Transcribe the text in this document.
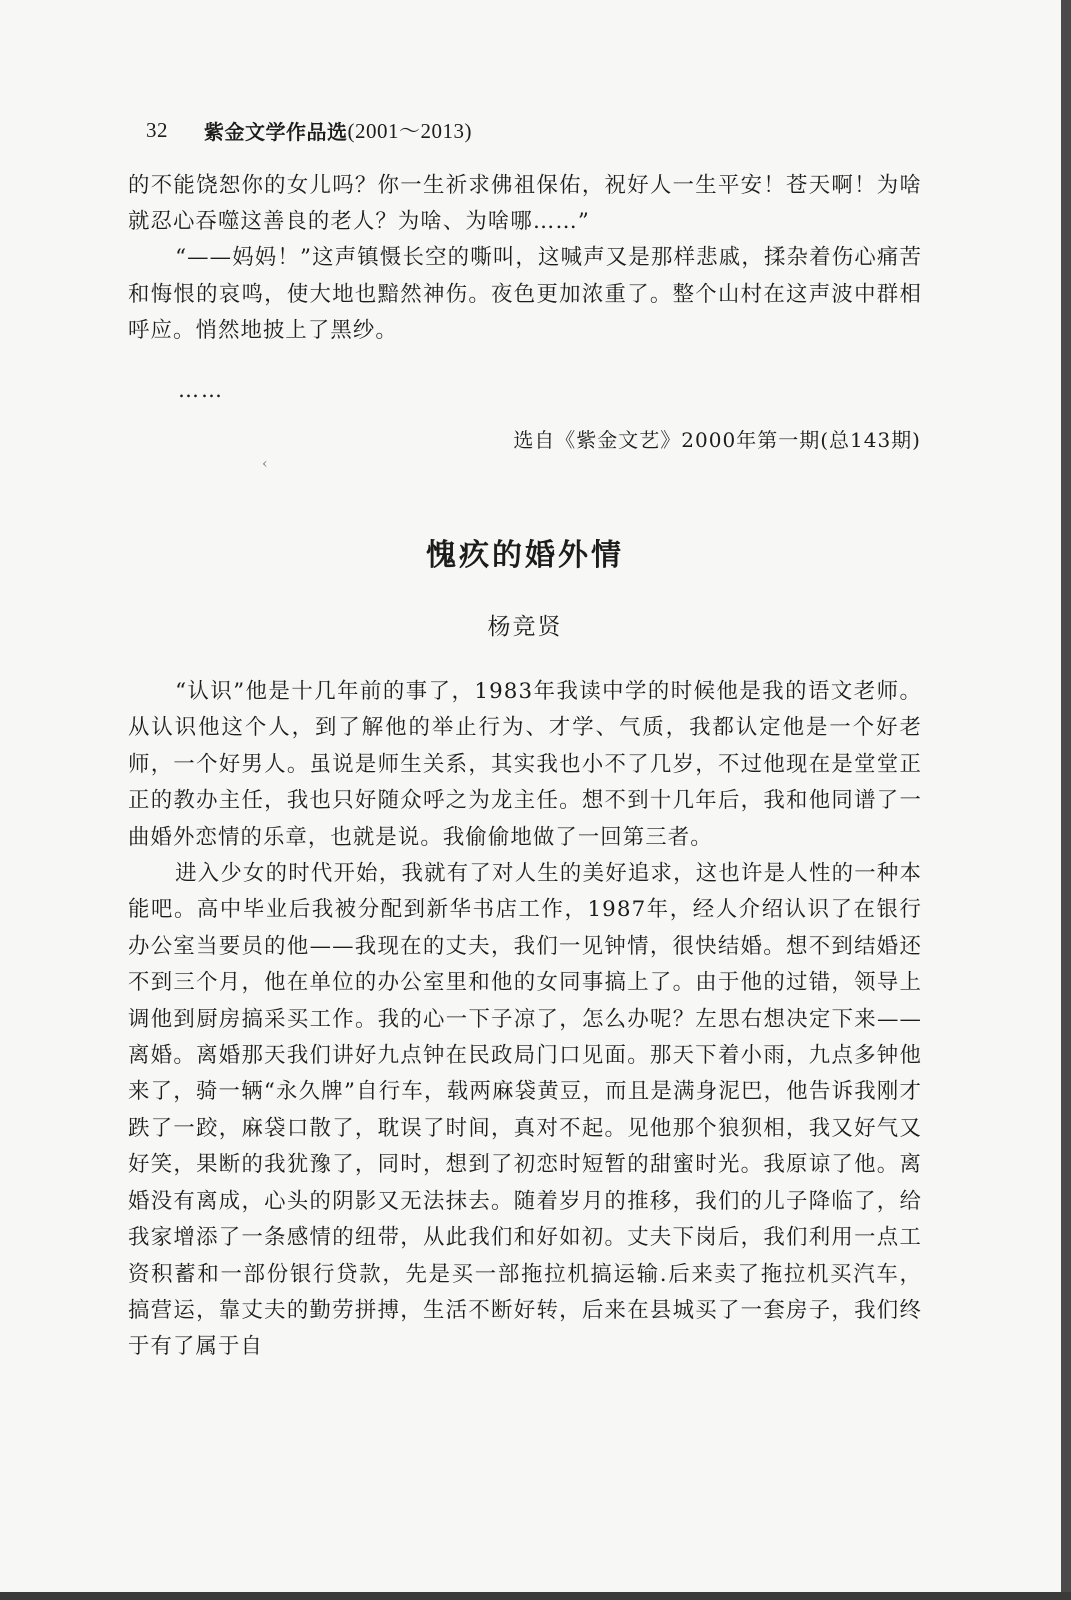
32 紫金文学作品选 (2001～2013)

的不能饶恕你的女儿吗？你一生祈求佛祖保佑，祝好人一生平安！苍天啊！为啥就忍心吞噬这善良的老人？为啥、为啥哪……”

“——妈妈！”这声镇慑长空的嘶叫，这喊声又是那样悲戚，揉杂着伤心痛苦和悔恨的哀鸣，使大地也黯然神伤。夜色更加浓重了。整个山村在这声波中群相呼应。悄然地披上了黑纱。

……
选自《紫金文艺》2000年第一期(总143期)
愧疚的婚外情
杨竞贤

“认识”他是十几年前的事了，1983年我读中学的时候他是我的语文老师。从认识他这个人，到了解他的举止行为、才学、气质，我都认定他是一个好老师，一个好男人。虽说是师生关系，其实我也小不了几岁，不过他现在是堂堂正正的教办主任，我也只好随众呼之为龙主任。想不到十几年后，我和他同谱了一曲婚外恋情的乐章，也就是说。我偷偷地做了一回第三者。

进入少女的时代开始，我就有了对人生的美好追求，这也许是人性的一种本能吧。高中毕业后我被分配到新华书店工作，1987年，经人介绍认识了在银行办公室当要员的他——我现在的丈夫，我们一见钟情，很快结婚。想不到结婚还不到三个月，他在单位的办公室里和他的女同事搞上了。由于他的过错，领导上调他到厨房搞采买工作。我的心一下子凉了，怎么办呢？左思右想决定下来——离婚。离婚那天我们讲好九点钟在民政局门口见面。那天下着小雨，九点多钟他来了，骑一辆“永久牌”自行车，载两麻袋黄豆，而且是满身泥巴，他告诉我刚才跌了一跤，麻袋口散了，耽误了时间，真对不起。见他那个狼狈相，我又好气又好笑，果断的我犹豫了，同时，想到了初恋时短暂的甜蜜时光。我原谅了他。离婚没有离成，心头的阴影又无法抹去。随着岁月的推移，我们的儿子降临了，给我家增添了一条感情的纽带，从此我们和好如初。丈夫下岗后，我们利用一点工资积蓄和一部份银行贷款，先是买一部拖拉机搞运输.后来卖了拖拉机买汽车，搞营运，靠丈夫的勤劳拼搏，生活不断好转，后来在县城买了一套房子，我们终于有了属于自

‹
